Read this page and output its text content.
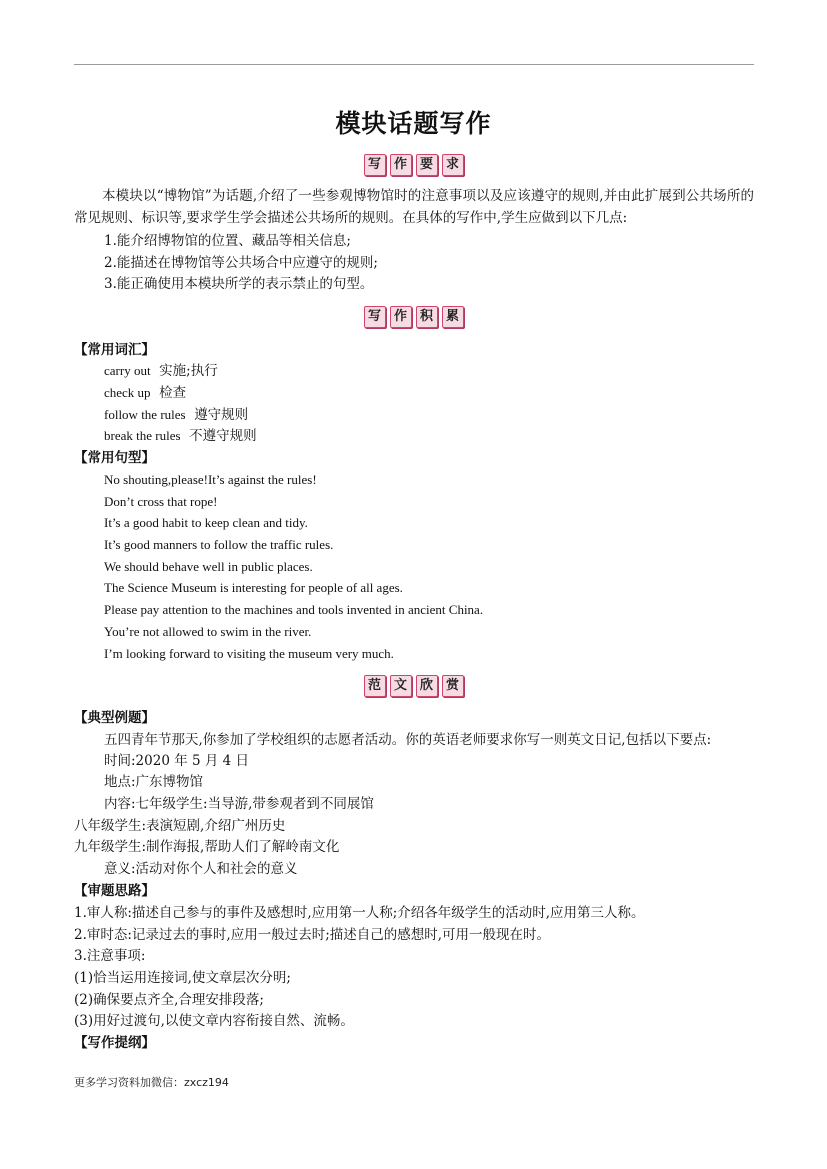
模块话题写作
写 作 要 求
本模块以“博物馆”为话题,介绍了一些参观博物馆时的注意事项以及应该遵守的规则,并由此扩展到公共场所的常见规则、标识等,要求学生学会描述公共场所的规则。在具体的写作中,学生应做到以下几点:
1.能介绍博物馆的位置、藏品等相关信息;
2.能描述在博物馆等公共场合中应遵守的规则;
3.能正确使用本模块所学的表示禁止的句型。
写 作 积 累
【常用词汇】
carry out 实施;执行
check up 检查
follow the rules 遵守规则
break the rules 不遵守规则
【常用句型】
No shouting,please!It’s against the rules!
Don’t cross that rope!
It’s a good habit to keep clean and tidy.
It’s good manners to follow the traffic rules.
We should behave well in public places.
The Science Museum is interesting for people of all ages.
Please pay attention to the machines and tools invented in ancient China.
You’re not allowed to swim in the river.
I’m looking forward to visiting the museum very much.
范 文 欣 赏
【典型例题】
五四青年节那天,你参加了学校组织的志愿者活动。你的英语老师要求你写一则英文日记,包括以下要点:
时间:2020 年 5 月 4 日
地点:广东博物馆
内容:七年级学生:当导游,带参观者到不同展馆
八年级学生:表演短剧,介绍广州历史
九年级学生:制作海报,帮助人们了解岭南文化
意义:活动对你个人和社会的意义
【审题思路】
1.审人称:描述自己参与的事件及感想时,应用第一人称;介绍各年级学生的活动时,应用第三人称。
2.审时态:记录过去的事时,应用一般过去时;描述自己的感想时,可用一般现在时。
3.注意事项:
(1)恰当运用连接词,使文章层次分明;
(2)确保要点齐全,合理安排段落;
(3)用好过渡句,以使文章内容衔接自然、流畅。
【写作提纲】
更多学习资料加微信：zxcz194
